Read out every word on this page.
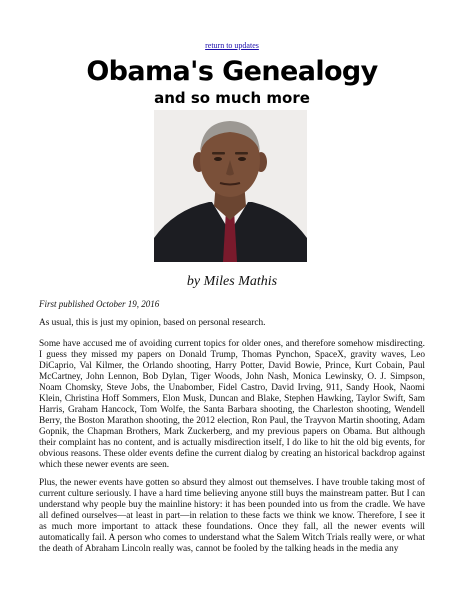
return to updates
Obama's Genealogy
and so much more
by Miles Mathis
First published October 19, 2016

As usual, this is just my opinion, based on personal research.

Some have accused me of avoiding current topics for older ones, and therefore somehow misdirecting. I guess they missed my papers on Donald Trump, Thomas Pynchon, SpaceX, gravity waves, Leo DiCaprio, Val Kilmer, the Orlando shooting, Harry Potter, David Bowie, Prince, Kurt Cobain, Paul McCartney, John Lennon, Bob Dylan, Tiger Woods, John Nash, Monica Lewinsky, O. J. Simpson, Noam Chomsky, Steve Jobs, the Unabomber, Fidel Castro, David Irving, 911, Sandy Hook, Naomi Klein, Christina Hoff Sommers, Elon Musk, Duncan and Blake, Stephen Hawking, Taylor Swift, Sam Harris, Graham Hancock, Tom Wolfe, the Santa Barbara shooting, the Charleston shooting, Wendell Berry, the Boston Marathon shooting, the 2012 election, Ron Paul, the Trayvon Martin shooting, Adam Gopnik, the Chapman Brothers, Mark Zuckerberg, and my previous papers on Obama. But although their complaint has no content, and is actually misdirection itself, I do like to hit the old big events, for obvious reasons. These older events define the current dialog by creating an historical backdrop against which these newer events are seen.

Plus, the newer events have gotten so absurd they almost out themselves. I have trouble taking most of current culture seriously. I have a hard time believing anyone still buys the mainstream patter. But I can understand why people buy the mainline history: it has been pounded into us from the cradle. We have all defined ourselves—at least in part—in relation to these facts we think we know. Therefore, I see it as much more important to attack these foundations. Once they fall, all the newer events will automatically fail. A person who comes to understand what the Salem Witch Trials really were, or what the death of Abraham Lincoln really was, cannot be fooled by the talking heads in the media any
